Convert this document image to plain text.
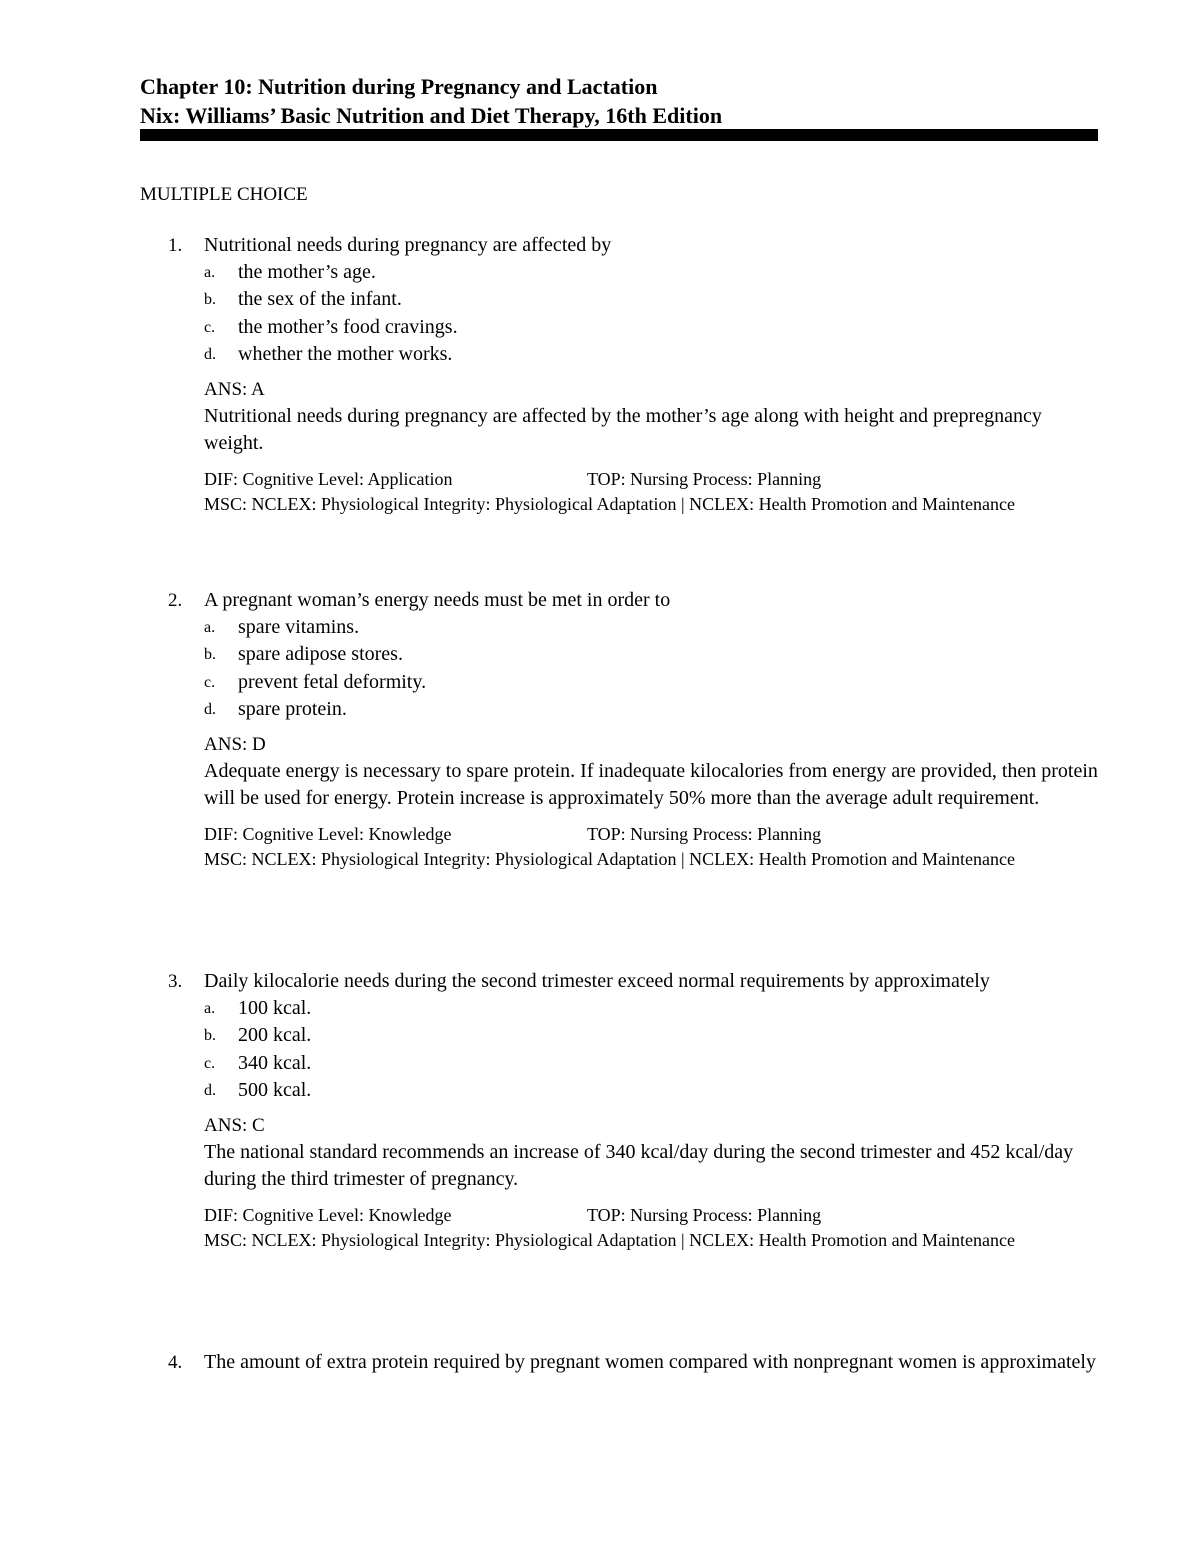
Chapter 10: Nutrition during Pregnancy and Lactation
Nix: Williams’ Basic Nutrition and Diet Therapy, 16th Edition
MULTIPLE CHOICE
1. Nutritional needs during pregnancy are affected by
a. the mother’s age.
b. the sex of the infant.
c. the mother’s food cravings.
d. whether the mother works.
ANS: A
Nutritional needs during pregnancy are affected by the mother’s age along with height and prepregnancy weight.
DIF: Cognitive Level: Application	TOP: Nursing Process: Planning
MSC: NCLEX: Physiological Integrity: Physiological Adaptation | NCLEX: Health Promotion and Maintenance
2. A pregnant woman’s energy needs must be met in order to
a. spare vitamins.
b. spare adipose stores.
c. prevent fetal deformity.
d. spare protein.
ANS: D
Adequate energy is necessary to spare protein. If inadequate kilocalories from energy are provided, then protein will be used for energy. Protein increase is approximately 50% more than the average adult requirement.
DIF: Cognitive Level: Knowledge	TOP: Nursing Process: Planning
MSC: NCLEX: Physiological Integrity: Physiological Adaptation | NCLEX: Health Promotion and Maintenance
3. Daily kilocalorie needs during the second trimester exceed normal requirements by approximately
a. 100 kcal.
b. 200 kcal.
c. 340 kcal.
d. 500 kcal.
ANS: C
The national standard recommends an increase of 340 kcal/day during the second trimester and 452 kcal/day during the third trimester of pregnancy.
DIF: Cognitive Level: Knowledge	TOP: Nursing Process: Planning
MSC: NCLEX: Physiological Integrity: Physiological Adaptation | NCLEX: Health Promotion and Maintenance
4. The amount of extra protein required by pregnant women compared with nonpregnant women is approximately
